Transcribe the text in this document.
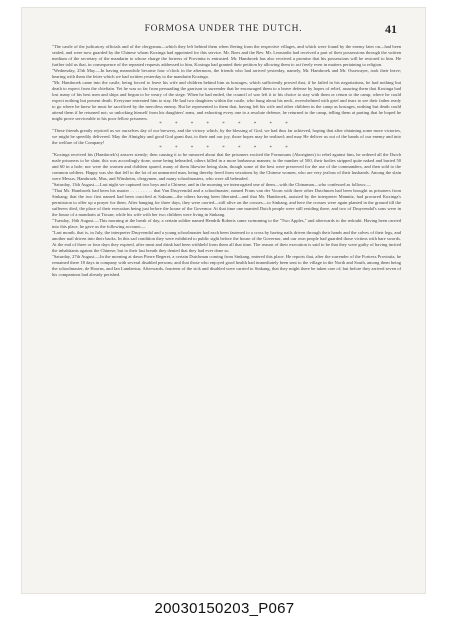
FORMOSA UNDER THE DUTCH.	41

"The castle of the judicatory officials and of the clergyman—which they left behind them when fleeing from the respective villages, and which were found by the enemy later on—had been sealed, and were now guarded by the Chinese whom Koxinga had appointed for this service. Mr. Boes and the Rev. Mr. Leonardis had received a part of their possessions through the written medium of the secretary of the mandarin to whose charge the fortress of Provintia is entrusted. Mr. Hambroek has also received a promise that his possessions will be restored to him. He further told us that, in consequence of the repeated requests addressed to him, Koxinga had granted their petition by allowing them to act freely even in matters pertaining to religion.

"Wednesday, 25th May.—In having meanwhile become four o'clock in the afternoon, the friends who had arrived yesterday, namely, Mr. Hambroek and Mr. Ossewayer, took their leave; bearing with them the letter which we had written yesterday to the mandarin Koxinga.

"Mr. Hambroek came into the castle, being forced to leave his wife and children behind him as hostages, which sufficiently proved that, if he failed in his negotiations, he had nothing but death to expect from the chieftain. Yet he was so far from persuading the garrison to surrender that he encouraged them to a brave defense by hopes of relief, assuring them that Koxinga had lost many of his best men and ships and begun to be weary of the siege. When he had ended, the council of war left it to his choice to stay with them or return to the camp, where he could expect nothing but present death. Everyone entreated him to stay. He had two daughters within the castle, who hung about his neck, overwhelmed with grief and tears to see their father ready to go where he knew he must be sacrificed by the merciless enemy. But he represented to them that, having left his wife and other children in the camp as hostages, nothing but death could attend them if he returned not; so unlocking himself from his daughters' arms, and exhorting every one to a resolute defense, he returned to the camp, telling them at parting that he hoped he might prove serviceable to his poor fellow prisoners.

* * * * * * * * *

"These friends greatly rejoiced us we ourselves day of our brewery, and the victory which, by the blessing of God, we had thus far achieved, hoping that after obtaining some more victories, we might be speedily delivered. May the Almighty and good God grant that, to their and our joy, those hopes may be realised; and may He deliver us out of the hands of our enemy and into the welfare of the Company!

* * * * * * * * *

"Koxinga received his (Hambroek's) answer sternly; then causing it to be rumored about that the prisoners excited the Formosans (Aborigines) to rebel against him, he ordered all the Dutch male prisoners to be slain; this was accordingly done, some being beheaded, others killed in a more barbarous manner, to the number of 500, their bodies stripped quite naked and buried 50 and 60 in a hole; nor were the women and children spared, many of them likewise being slain, though some of the best were preserved for the use of the commanders, and then sold to the common soldiers. Happy was she that fell to the lot of an unmarried man, being thereby freed from vexations by the Chinese women, who are very jealous of their husbands. Among the slain were Messrs. Hambroek, Mus, and Winsheim, clergymen, and many schoolmasters, who were all beheaded.

"Saturday, 13th August.—Last night we captured two boys and a Chinese, and in the morning we interrogated one of them—with the Chinaman—who confessed as follows:—

"That Mr. Hambroek had been his master . . . . . . . . . that Van Druyvendal and a schoolmaster, named Frans van der Voorn with three other Dutchmen had been brought as prisoners from Sinkang; that the two first named had been crucified at Saksam—the others having been liberated—and that Mr. Hambroek, assisted by the interpreter Mannitz, had procured Koxinga's permission to offer up a prayer for them. After hanging for three days, they were carried—still alive on the crosses—to Sinkang, and here the crosses were again planted in the ground till the sufferers died, the place of their execution being just before the house of the Governor. At that time one married Dutch people were still residing there, and two of Druyvendal's sons were in the house of a mandarin at Tiosan; while his wife with her two children were living in Sinkang.

"Tuesday, 16th August.—This morning at the break of day, a certain soldier named Hendrik Roberts came swimming to the "Two Apples," and afterwards to the redoubt. Having been carried into this place, he gave us the following account:—

"Last month, that is, in July, the interpreter Druyvendal and a young schoolmaster had each been fastened to a cross by having nails driven through their hands and the calves of their legs, and another nail driven into their backs. In this sad condition they were exhibited to public sight before the house of the Governor, and our own people had guarded those victims with bare swords. At the end of three or four days they expired, after meat and drink had been withheld from them all that time. The reason of their execution is said to be that they were guilty of having incited the inhabitants against the Chinese; but to their last breath they denied that they had ever done so.

"Saturday, 27th August.—In the morning at dawn Pierre Begeret, a certain Dutchman coming from Sinkang, entered this place. He reports that, after the surrender of the Fortress Provintia, he remained there 18 days in company with several disabled persons; and that those who enjoyed good health had immediately been sent to the village in the North and South, among them being the schoolmaster, de Hoorns, and Ian Lambertus. Afterwards, fourteen of the sick and disabled were carried to Sinkang, that they might there be taken care of; but before they arrived seven of his companions had already perished.

20030150203_P067
